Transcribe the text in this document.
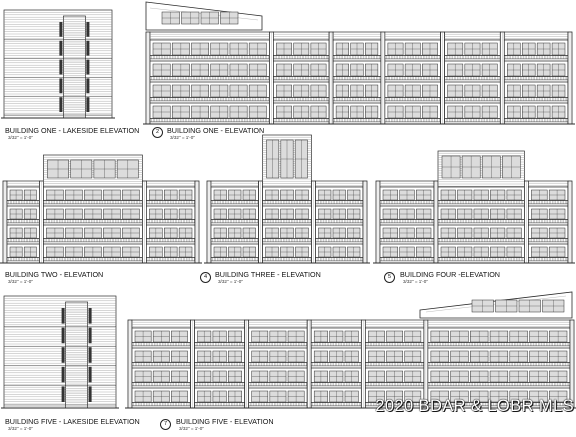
BUILDING ONE - LAKESIDE ELEVATION
3/32" = 1'-0"
2	BUILDING ONE - ELEVATION
3/32" = 1'-0"
BUILDING TWO - ELEVATION
3/32" = 1'-0"
4	BUILDING THREE - ELEVATION
3/32" = 1'-0"
5	BUILDING FOUR -ELEVATION
3/32" = 1'-0"
BUILDING FIVE - LAKESIDE ELEVATION
3/32" = 1'-0"
7	BUILDING FIVE - ELEVATION
3/32" = 1'-0"
2020 BDAR & LOBR MLS
